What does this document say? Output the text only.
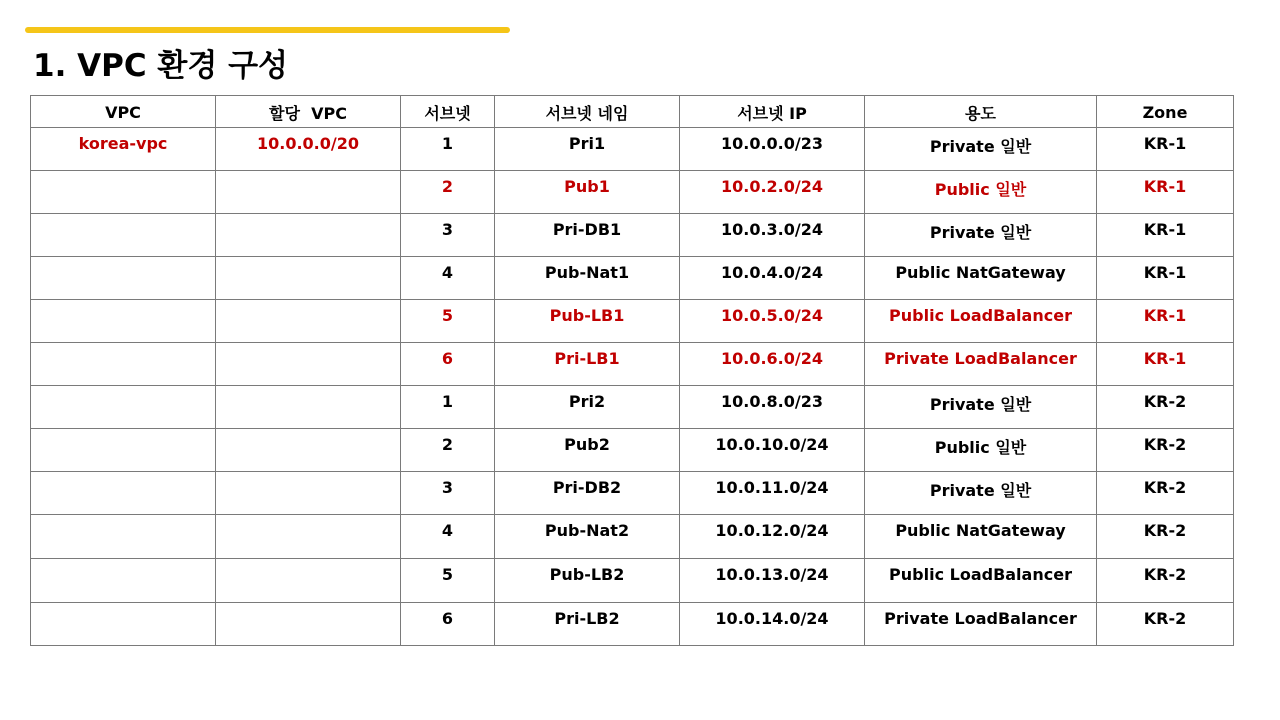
1. VPC 환경 구성
VPC	할당  VPC	서브넷	서브넷 네임	서브넷 IP	용도	Zone
korea-vpc	10.0.0.0/20	1	Pri1	10.0.0.0/23	Private 일반	KR-1
		2	Pub1	10.0.2.0/24	Public 일반	KR-1
		3	Pri-DB1	10.0.3.0/24	Private 일반	KR-1
		4	Pub-Nat1	10.0.4.0/24	Public NatGateway	KR-1
		5	Pub-LB1	10.0.5.0/24	Public LoadBalancer	KR-1
		6	Pri-LB1	10.0.6.0/24	Private LoadBalancer	KR-1
		1	Pri2	10.0.8.0/23	Private 일반	KR-2
		2	Pub2	10.0.10.0/24	Public 일반	KR-2
		3	Pri-DB2	10.0.11.0/24	Private 일반	KR-2
		4	Pub-Nat2	10.0.12.0/24	Public NatGateway	KR-2
		5	Pub-LB2	10.0.13.0/24	Public LoadBalancer	KR-2
		6	Pri-LB2	10.0.14.0/24	Private LoadBalancer	KR-2
